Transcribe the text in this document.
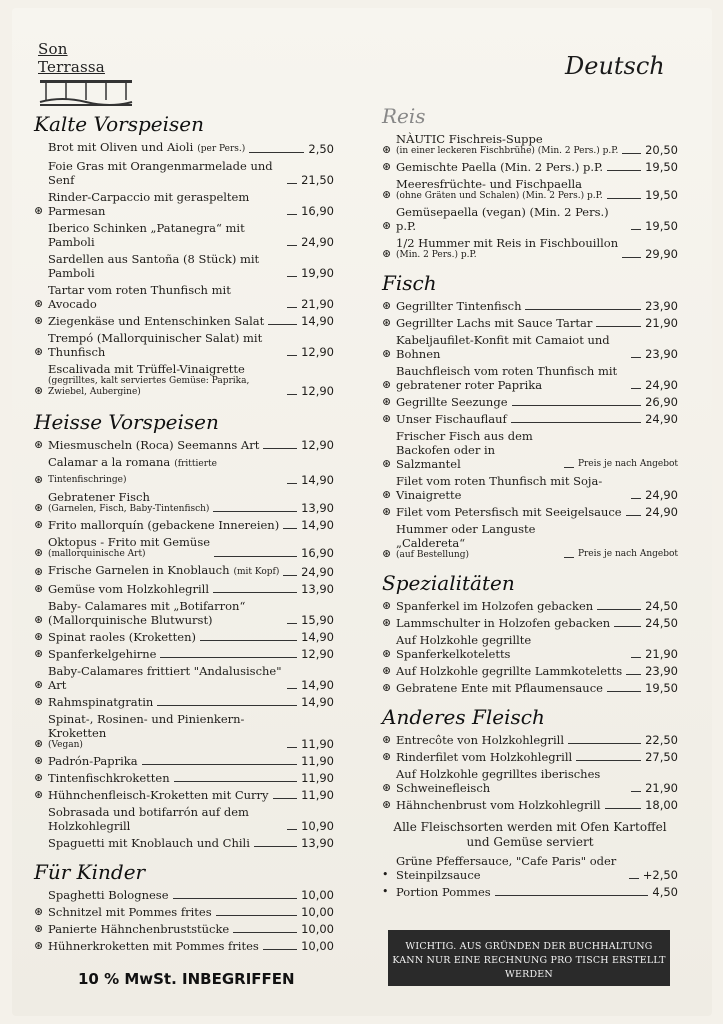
Son Terrassa	Deutsch
Kalte Vorspeisen
Brot mit Oliven und Aioli (per Pers.)	2,50
Foie Gras mit Orangenmarmelade und Senf	21,50
⊛
Rinder-Carpaccio mit geraspeltem Parmesan	16,90
Iberico Schinken „Patanegra“ mit Pamboli	24,90
Sardellen aus Santoña (8 Stück) mit Pamboli	19,90
⊛
Tartar vom roten Thunfisch mit Avocado	21,90
⊛ Ziegenkäse und Entenschinken Salat	14,90
⊛
Trempó (Mallorquinischer Salat) mit Thunfisch	12,90
⊛
Escalivada mit Trüffel-Vinaigrette
(gegrilltes, kalt serviertes Gemüse: Paprika, Zwiebel, Aubergine)	12,90
Heisse Vorspeisen
⊛ Miesmuscheln (Roca) Seemanns Art	12,90
⊛
Calamar a la romana (frittierte Tintenfischringe)	14,90
⊛
Gebratener Fisch
(Garnelen, Fisch, Baby-Tintenfisch)	13,90
⊛ Frito mallorquín (gebackene Innereien) 14,90
⊛
Oktopus - Frito mit Gemüse
(mallorquinische Art)	16,90
⊛ Frische Garnelen in Knoblauch (mit Kopf) 24,90
⊛ Gemüse vom Holzkohlegrill	13,90
⊛
Baby- Calamares mit „Botifarron“ (Mallorquinische Blutwurst)	15,90
⊛ Spinat raoles (Kroketten)	14,90
⊛ Spanferkelgehirne	12,90
⊛
Baby-Calamares frittiert "Andalusische" Art	14,90
⊛ Rahmspinatgratin	14,90
⊛
Spinat-, Rosinen- und Pinienkern-Kroketten
(Vegan)	11,90
⊛ Padrón-Paprika	11,90
⊛ Tintenfischkroketten	11,90
⊛ Hühnchenfleisch-Kroketten mit Curry	11,90
Sobrasada und botifarrón auf dem Holzkohlegrill	10,90
Spaguetti mit Knoblauch und Chili	13,90
Für Kinder
Spaghetti Bolognese	10,00
⊛ Schnitzel mit Pommes frites	10,00
⊛ Panierte Hähnchenbruststücke	10,00
⊛ Hühnerkroketten mit Pommes frites	10,00
10 % MwSt. INBEGRIFFEN
Reis
⊛
NÀUTIC Fischreis-Suppe
(in einer leckeren Fischbrühe) (Min. 2 Pers.) p.P. 20,50
⊛ Gemischte Paella (Min. 2 Pers.) p.P.	19,50
⊛
Meeresfrüchte- und Fischpaella
(ohne Gräten und Schalen) (Min. 2 Pers.) p.P.	19,50
⊛
Gemüsepaella (vegan) (Min. 2 Pers.) p.P.	19,50
⊛
1/2 Hummer mit Reis in Fischbouillon
(Min. 2 Pers.) p.P.	29,90
Fisch
⊛ Gegrillter Tintenfisch	23,90
⊛ Gegrillter Lachs mit Sauce Tartar	21,90
⊛
Kabeljaufilet-Konfit mit Camaiot und Bohnen	23,90
⊛
Bauchfleisch vom roten Thunfisch mit gebratener roter Paprika	24,90
⊛ Gegrillte Seezunge	26,90
⊛ Unser Fischauflauf	24,90
⊛
Frischer Fisch aus dem Backofen oder in Salzmantel	Preis je nach Angebot
⊛
Filet vom roten Thunfisch mit Soja-Vinaigrette	24,90
⊛ Filet vom Petersfisch mit Seeigelsauce 24,90
⊛
Hummer oder Languste „Caldereta“
(auf Bestellung)	Preis je nach Angebot
Spezialitäten
⊛ Spanferkel im Holzofen gebacken	24,50
⊛ Lammschulter in Holzofen gebacken	24,50
⊛
Auf Holzkohle gegrillte Spanferkelkoteletts	21,90
⊛ Auf Holzkohle gegrillte Lammkoteletts 23,90
⊛ Gebratene Ente mit Pflaumensauce	19,50
Anderes Fleisch
⊛ Entrecôte von Holzkohlegrill	22,50
⊛ Rinderfilet vom Holzkohlegrill	27,50
⊛
Auf Holzkohle gegrilltes iberisches Schweinefleisch	21,90
⊛ Hähnchenbrust vom Holzkohlegrill	18,00
Alle Fleischsorten werden mit Ofen Kartoffel und Gemüse serviert
•
Grüne Pfeffersauce, "Cafe Paris" oder Steinpilzsauce	+2,50
• Portion Pommes	4,50
WICHTIG. AUS GRÜNDEN DER BUCHHALTUNG KANN NUR EINE RECHNUNG PRO TISCH ERSTELLT WERDEN
